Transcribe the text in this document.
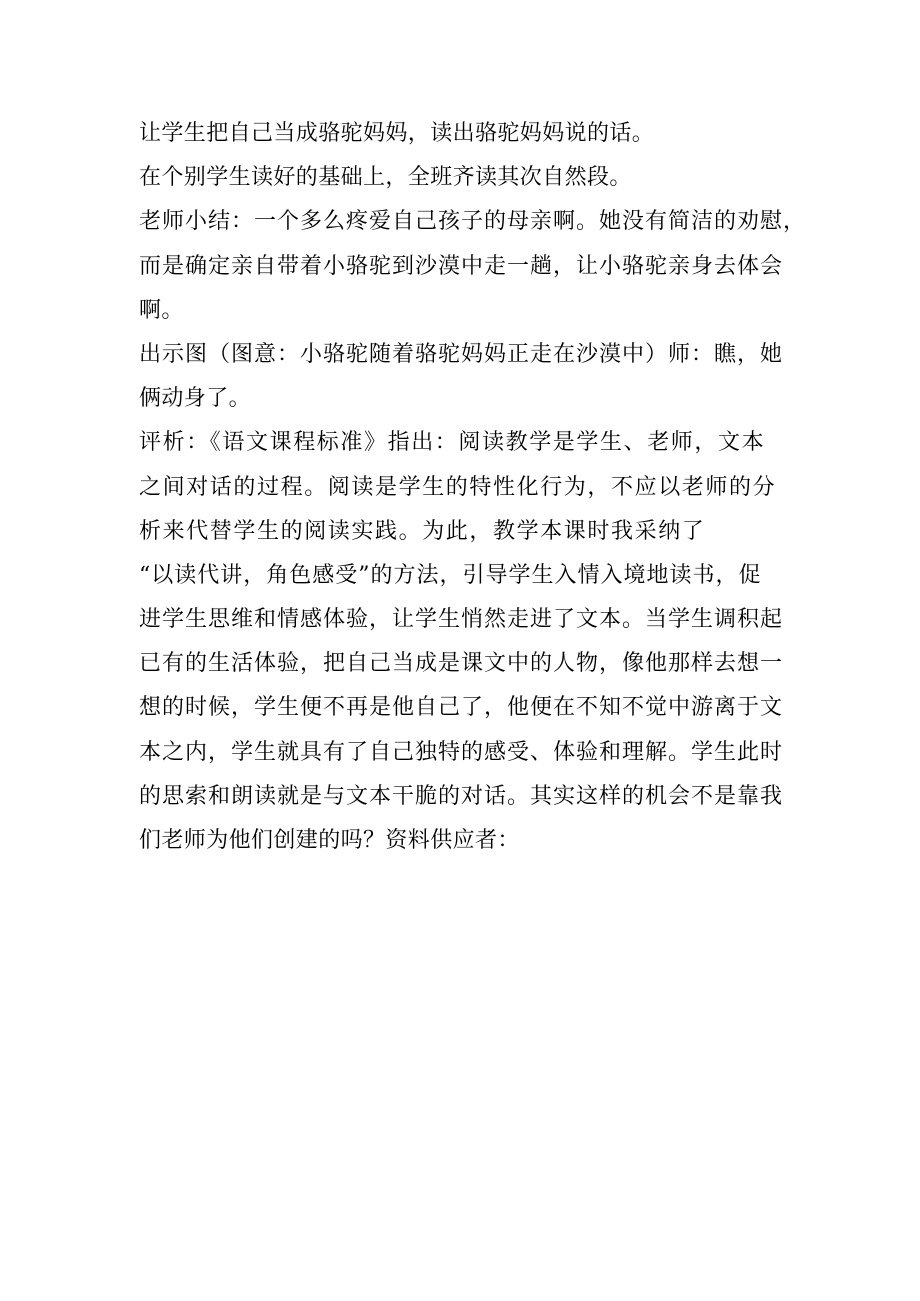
让学生把自己当成骆驼妈妈，读出骆驼妈妈说的话。
在个别学生读好的基础上，全班齐读其次自然段。
老师小结：一个多么疼爱自己孩子的母亲啊。她没有简洁的劝慰，
而是确定亲自带着小骆驼到沙漠中走一趟，让小骆驼亲身去体会
啊。
出示图（图意：小骆驼随着骆驼妈妈正走在沙漠中）师：瞧，她
俩动身了。
评析：《语文课程标准》指出：阅读教学是学生、老师，文本
之间对话的过程。阅读是学生的特性化行为，不应以老师的分
析来代替学生的阅读实践。为此，教学本课时我采纳了
“以读代讲，角色感受”的方法，引导学生入情入境地读书，促
进学生思维和情感体验，让学生悄然走进了文本。当学生调积起
已有的生活体验，把自己当成是课文中的人物，像他那样去想一
想的时候，学生便不再是他自己了，他便在不知不觉中游离于文
本之内，学生就具有了自己独特的感受、体验和理解。学生此时
的思索和朗读就是与文本干脆的对话。其实这样的机会不是靠我
们老师为他们创建的吗？资料供应者：
